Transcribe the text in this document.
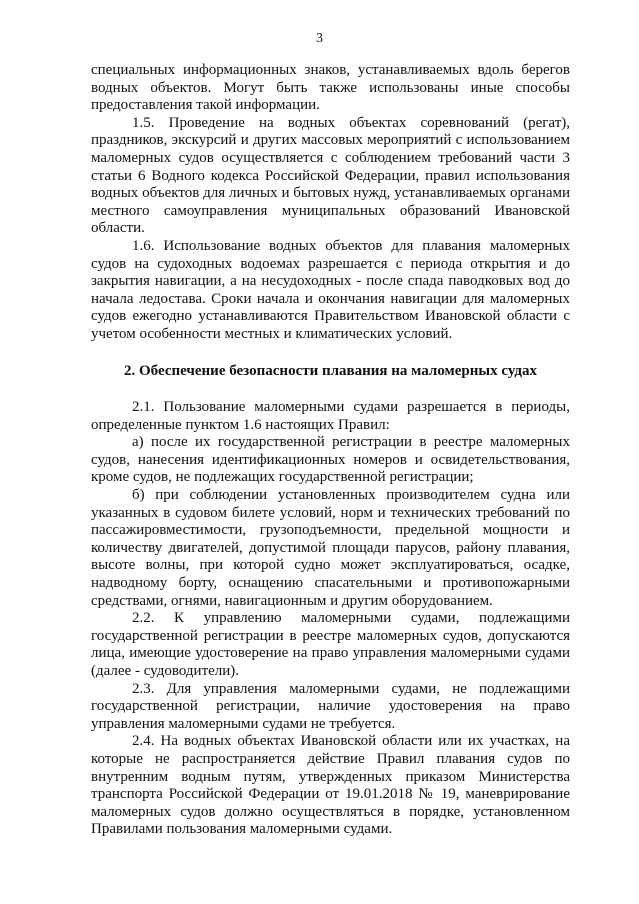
3

специальных информационных знаков, устанавливаемых вдоль берегов водных объектов. Могут быть также использованы иные способы предоставления такой информации.

1.5. Проведение на водных объектах соревнований (регат), праздников, экскурсий и других массовых мероприятий с использованием маломерных судов осуществляется с соблюдением требований части 3 статьи 6 Водного кодекса Российской Федерации, правил использования водных объектов для личных и бытовых нужд, устанавливаемых органами местного самоуправления муниципальных образований Ивановской области.

1.6. Использование водных объектов для плавания маломерных судов на судоходных водоемах разрешается с периода открытия и до закрытия навигации, а на несудоходных - после спада паводковых вод до начала ледостава. Сроки начала и окончания навигации для маломерных судов ежегодно устанавливаются Правительством Ивановской области с учетом особенности местных и климатических условий.

2. Обеспечение безопасности плавания на маломерных судах

2.1. Пользование маломерными судами разрешается в периоды, определенные пунктом 1.6 настоящих Правил:

а) после их государственной регистрации в реестре маломерных судов, нанесения идентификационных номеров и освидетельствования, кроме судов, не подлежащих государственной регистрации;

б) при соблюдении установленных производителем судна или указанных в судовом билете условий, норм и технических требований по пассажировместимости, грузоподъемности, предельной мощности и количеству двигателей, допустимой площади парусов, району плавания, высоте волны, при которой судно может эксплуатироваться, осадке, надводному борту, оснащению спасательными и противопожарными средствами, огнями, навигационным и другим оборудованием.

2.2. К управлению маломерными судами, подлежащими государственной регистрации в реестре маломерных судов, допускаются лица, имеющие удостоверение на право управления маломерными судами (далее - судоводители).

2.3. Для управления маломерными судами, не подлежащими государственной регистрации, наличие удостоверения на право управления маломерными судами не требуется.

2.4. На водных объектах Ивановской области или их участках, на которые не распространяется действие Правил плавания судов по внутренним водным путям, утвержденных приказом Министерства транспорта Российской Федерации от 19.01.2018 № 19, маневрирование маломерных судов должно осуществляться в порядке, установленном Правилами пользования маломерными судами.
